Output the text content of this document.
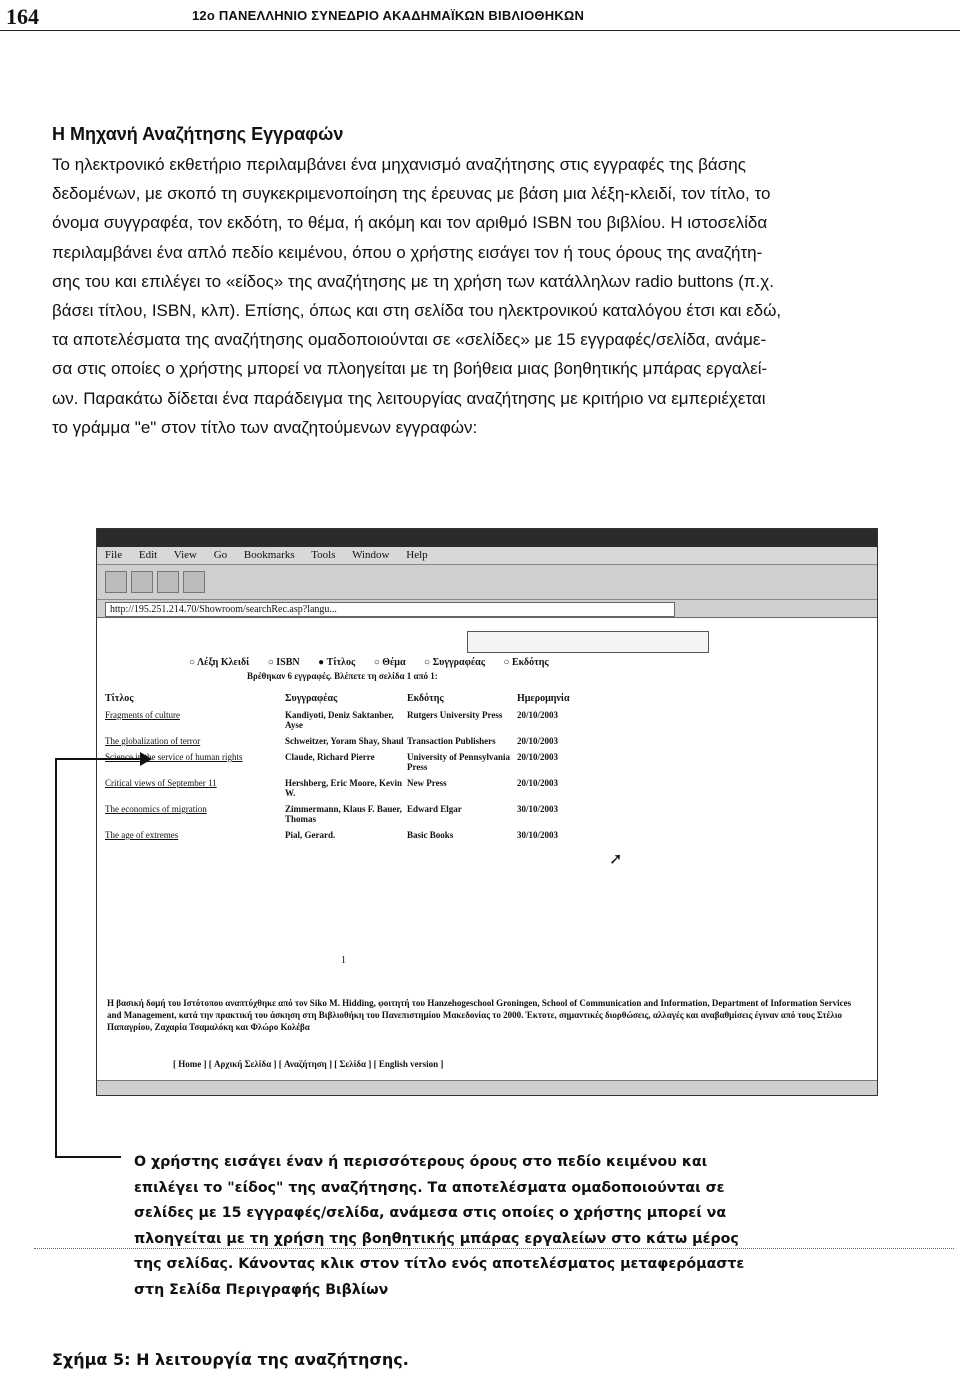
164	12ο ΠΑΝΕΛΛΗΝΙΟ ΣΥΝΕΔΡΙΟ ΑΚΑΔΗΜΑΪΚΩΝ ΒΙΒΛΙΟΘΗΚΩΝ
Η Μηχανή Αναζήτησης Εγγραφών
Το ηλεκτρονικό εκθετήριο περιλαμβάνει ένα μηχανισμό αναζήτησης στις εγγραφές της βάσης
δεδομένων, με σκοπό τη συγκεκριμενοποίηση της έρευνας με βάση μια λέξη-κλειδί, τον τίτλο, το
όνομα συγγραφέα, τον εκδότη, το θέμα, ή ακόμη και τον αριθμό ISBN του βιβλίου. Η ιστοσελίδα
περιλαμβάνει ένα απλό πεδίο κειμένου, όπου ο χρήστης εισάγει τον ή τους όρους της αναζήτη-
σης του και επιλέγει το «είδος» της αναζήτησης με τη χρήση των κατάλληλων radio buttons (π.χ.
βάσει τίτλου, ISBN, κλπ). Επίσης, όπως και στη σελίδα του ηλεκτρονικού καταλόγου έτσι και εδώ,
τα αποτελέσματα της αναζήτησης ομαδοποιούνται σε «σελίδες» με 15 εγγραφές/σελίδα, ανάμε-
σα στις οποίες ο χρήστης μπορεί να πλοηγείται με τη βοήθεια μιας βοηθητικής μπάρας εργαλεί-
ων. Παρακάτω δίδεται ένα παράδειγμα της λειτουργίας αναζήτησης με κριτήριο να εμπεριέχεται
το γράμμα "e" στον τίτλο των αναζητούμενων εγγραφών:
File Edit View Go Bookmarks Tools Window Help
http://195.251.214.70/Showroom/searchRec.asp?langu...
○ Λέξη Κλειδί ○ ISBN ● Τίτλος ○ Θέμα ○ Συγγραφέας ○ Εκδότης
Βρέθηκαν 6 εγγραφές. Βλέπετε τη σελίδα 1 από 1:
Τίτλος	Συγγραφέας	Εκδότης	Ημερομηνία
Fragments of culture	Kandiyoti, Deniz Saktanber, Ayse	Rutgers University Press	20/10/2003
The globalization of terror	Schweitzer, Yoram Shay, Shaul	Transaction Publishers	20/10/2003
Science in the service of human rights	Claude, Richard Pierre	University of Pennsylvania Press	20/10/2003
Critical views of September 11	Hershberg, Eric Moore, Kevin W.	New Press	20/10/2003
The economics of migration	Zimmermann, Klaus F. Bauer, Thomas	Edward Elgar	30/10/2003
The age of extremes	Pial, Gerard.	Basic Books	30/10/2003
➚
1
Η βασική δομή του Ιστότοπου αναπτύχθηκε από τον Siko M. Hidding, φοιτητή του Hanzehogeschool Groningen, School of Communication and Information, Department of Information Services and Management, κατά την πρακτική του άσκηση στη Βιβλιοθήκη του Πανεπιστημίου Μακεδονίας το 2000. Έκτοτε, σημαντικές διορθώσεις, αλλαγές και αναβαθμίσεις έγιναν από τους Στέλιο Παπαγρίου, Ζαχαρία Τσαμαλόκη και Φλώρο Κολέβα
[ Home ] [ Αρχική Σελίδα ] [ Αναζήτηση ] [ Σελίδα ] [ English version ]
Ο χρήστης εισάγει έναν ή περισσότερους όρους στο πεδίο κειμένου και
επιλέγει το "είδος" της αναζήτησης. Τα αποτελέσματα ομαδοποιούνται σε
σελίδες με 15 εγγραφές/σελίδα, ανάμεσα στις οποίες ο χρήστης μπορεί να
πλοηγείται με τη χρήση της βοηθητικής μπάρας εργαλείων στο κάτω μέρος
της σελίδας. Κάνοντας κλικ στον τίτλο ενός αποτελέσματος μεταφερόμαστε
στη Σελίδα Περιγραφής Βιβλίων
Σχήμα 5: Η λειτουργία της αναζήτησης.
